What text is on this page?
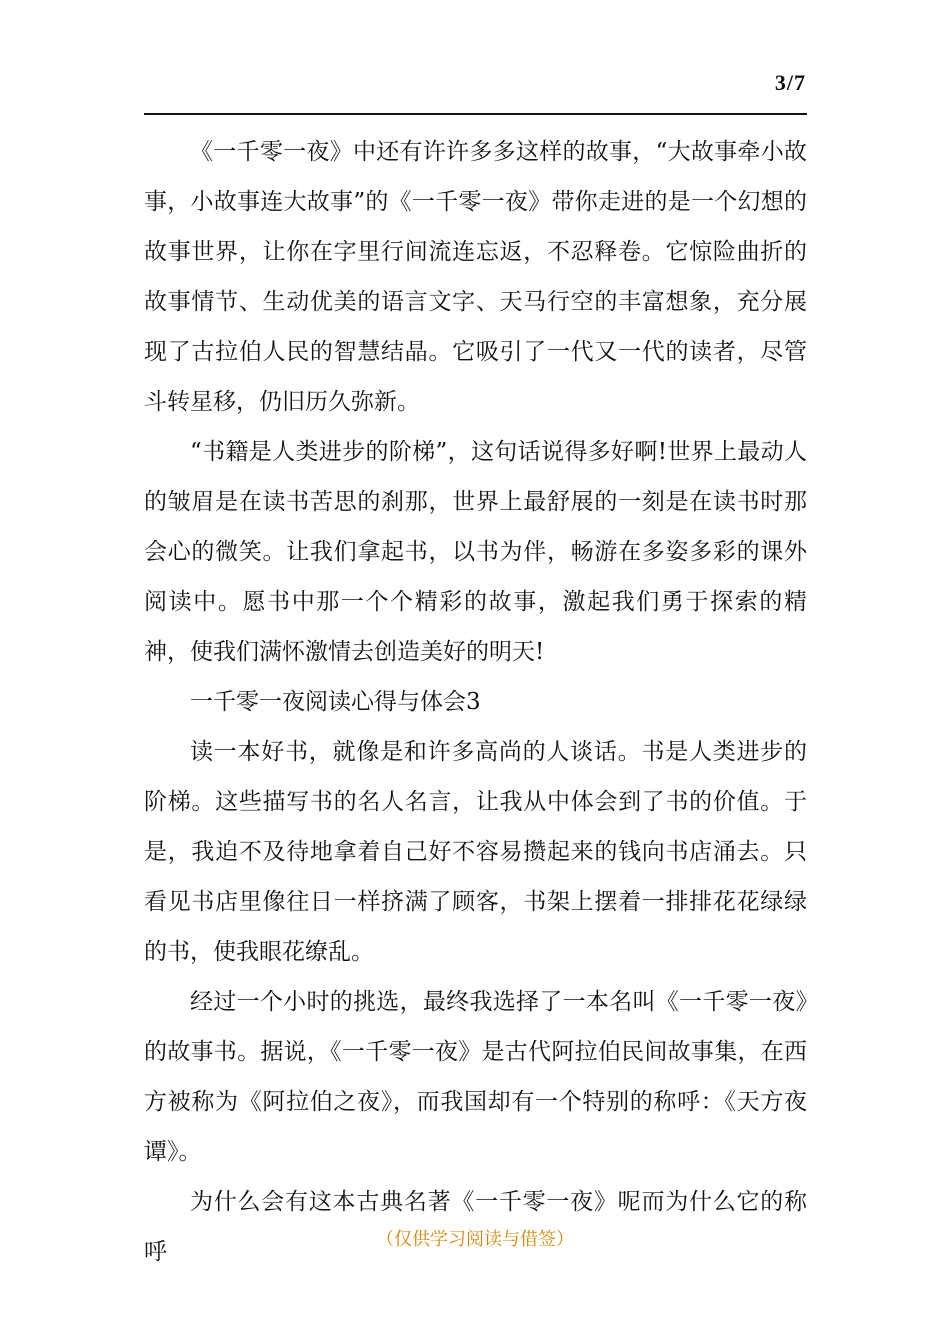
3/7

《一千零一夜》中还有许许多多这样的故事，“大故事牵小故事，小故事连大故事”的《一千零一夜》带你走进的是一个幻想的故事世界，让你在字里行间流连忘返，不忍释卷。它惊险曲折的故事情节、生动优美的语言文字、天马行空的丰富想象，充分展现了古拉伯人民的智慧结晶。它吸引了一代又一代的读者，尽管斗转星移，仍旧历久弥新。

“书籍是人类进步的阶梯”，这句话说得多好啊!世界上最动人的皱眉是在读书苦思的刹那，世界上最舒展的一刻是在读书时那会心的微笑。让我们拿起书，以书为伴，畅游在多姿多彩的课外阅读中。愿书中那一个个精彩的故事，激起我们勇于探索的精神，使我们满怀激情去创造美好的明天!

一千零一夜阅读心得与体会3

读一本好书，就像是和许多高尚的人谈话。书是人类进步的阶梯。这些描写书的名人名言，让我从中体会到了书的价值。于是，我迫不及待地拿着自己好不容易攒起来的钱向书店涌去。只看见书店里像往日一样挤满了顾客，书架上摆着一排排花花绿绿的书，使我眼花缭乱。

经过一个小时的挑选，最终我选择了一本名叫《一千零一夜》的故事书。据说，《一千零一夜》是古代阿拉伯民间故事集，在西方被称为《阿拉伯之夜》，而我国却有一个特别的称呼：《天方夜谭》。

为什么会有这本古典名著《一千零一夜》呢而为什么它的称呼	（仅供学习阅读与借签）
